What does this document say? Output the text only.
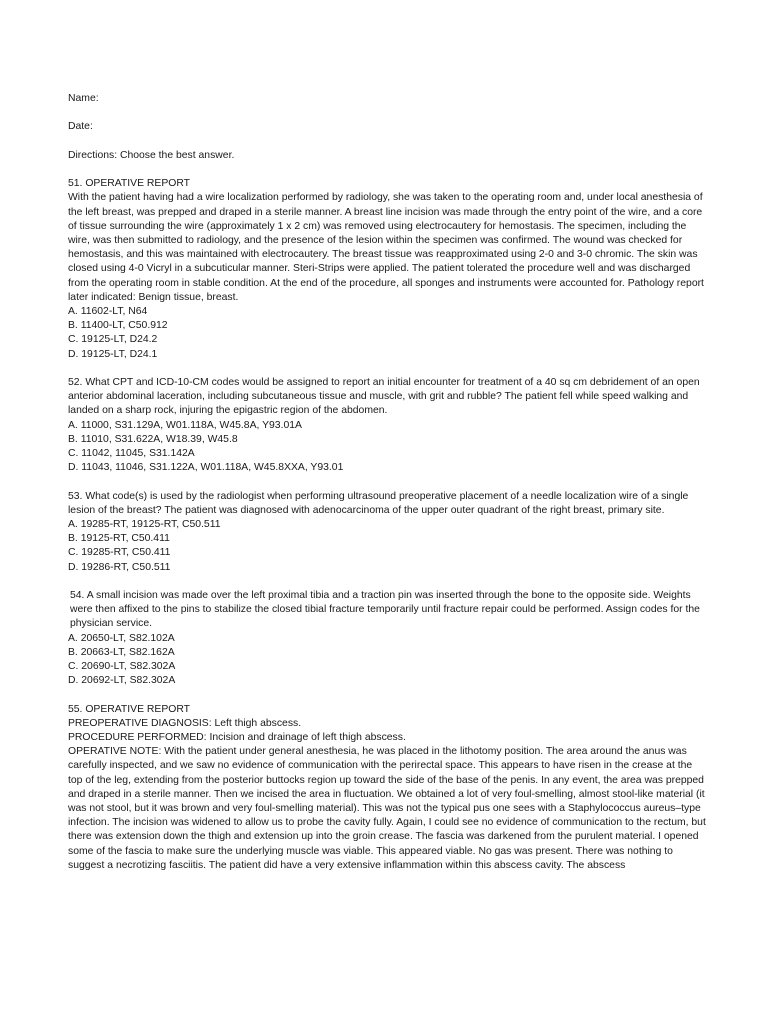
Name:

Date:

Directions: Choose the best answer.

51. OPERATIVE REPORT
With the patient having had a wire localization performed by radiology, she was taken to the operating room and, under local anesthesia of the left breast, was prepped and draped in a sterile manner. A breast line incision was made through the entry point of the wire, and a core of tissue surrounding the wire (approximately 1 x 2 cm) was removed using electrocautery for hemostasis. The specimen, including the wire, was then submitted to radiology, and the presence of the lesion within the specimen was confirmed. The wound was checked for hemostasis, and this was maintained with electrocautery. The breast tissue was reapproximated using 2-0 and 3-0 chromic. The skin was closed using 4-0 Vicryl in a subcuticular manner. Steri-Strips were applied. The patient tolerated the procedure well and was discharged from the operating room in stable condition. At the end of the procedure, all sponges and instruments were accounted for. Pathology report later indicated: Benign tissue, breast.
A. 11602-LT, N64
B. 11400-LT, C50.912
C. 19125-LT, D24.2
D. 19125-LT, D24.1
52. What CPT and ICD-10-CM codes would be assigned to report an initial encounter for treatment of a 40 sq cm debridement of an open anterior abdominal laceration, including subcutaneous tissue and muscle, with grit and rubble? The patient fell while speed walking and landed on a sharp rock, injuring the epigastric region of the abdomen.
A. 11000, S31.129A, W01.118A, W45.8A, Y93.01A
B. 11010, S31.622A, W18.39, W45.8
C. 11042, 11045, S31.142A
D. 11043, 11046, S31.122A, W01.118A, W45.8XXA, Y93.01
53. What code(s) is used by the radiologist when performing ultrasound preoperative placement of a needle localization wire of a single lesion of the breast? The patient was diagnosed with adenocarcinoma of the upper outer quadrant of the right breast, primary site.
A. 19285-RT, 19125-RT, C50.511
B. 19125-RT, C50.411
C. 19285-RT, C50.411
D. 19286-RT, C50.511
54. A small incision was made over the left proximal tibia and a traction pin was inserted through the bone to the opposite side. Weights were then affixed to the pins to stabilize the closed tibial fracture temporarily until fracture repair could be performed. Assign codes for the physician service.
A. 20650-LT, S82.102A
B. 20663-LT, S82.162A
C. 20690-LT, S82.302A
D. 20692-LT, S82.302A
55. OPERATIVE REPORT
PREOPERATIVE DIAGNOSIS: Left thigh abscess.
PROCEDURE PERFORMED: Incision and drainage of left thigh abscess.
OPERATIVE NOTE: With the patient under general anesthesia, he was placed in the lithotomy position. The area around the anus was carefully inspected, and we saw no evidence of communication with the perirectal space. This appears to have risen in the crease at the top of the leg, extending from the posterior buttocks region up toward the side of the base of the penis. In any event, the area was prepped and draped in a sterile manner. Then we incised the area in fluctuation. We obtained a lot of very foul-smelling, almost stool-like material (it was not stool, but it was brown and very foul-smelling material). This was not the typical pus one sees with a Staphylococcus aureus–type infection. The incision was widened to allow us to probe the cavity fully. Again, I could see no evidence of communication to the rectum, but there was extension down the thigh and extension up into the groin crease. The fascia was darkened from the purulent material. I opened some of the fascia to make sure the underlying muscle was viable. This appeared viable. No gas was present. There was nothing to suggest a necrotizing fasciitis. The patient did have a very extensive inflammation within this abscess cavity. The abscess
